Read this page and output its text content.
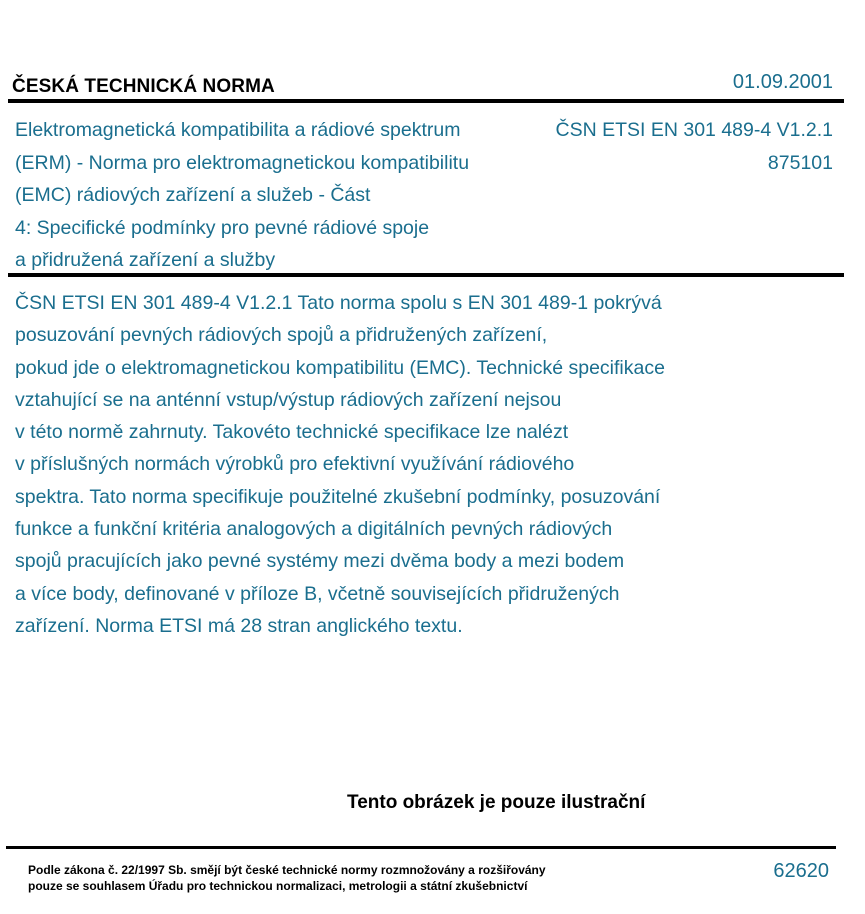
ČESKÁ TECHNICKÁ NORMA	01.09.2001
Elektromagnetická kompatibilita a rádiové spektrum
(ERM) - Norma pro elektromagnetickou kompatibilitu
(EMC) rádiových zařízení a služeb - Část
4: Specifické podmínky pro pevné rádiové spoje
a přidružená zařízení a služby
ČSN ETSI EN 301 489-4 V1.2.1
875101
ČSN ETSI EN 301 489-4 V1.2.1 Tato norma spolu s EN 301 489-1 pokrývá
posuzování pevných rádiových spojů a přidružených zařízení,
pokud jde o elektromagnetickou kompatibilitu (EMC). Technické specifikace
vztahující se na anténní vstup/výstup rádiových zařízení nejsou
v této normě zahrnuty. Takovéto technické specifikace lze nalézt
v příslušných normách výrobků pro efektivní využívání rádiového
spektra. Tato norma specifikuje použitelné zkušební podmínky, posuzování
funkce a funkční kritéria analogových a digitálních pevných rádiových
spojů pracujících jako pevné systémy mezi dvěma body a mezi bodem
a více body, definované v příloze B, včetně souvisejících přidružených
zařízení. Norma ETSI má 28 stran anglického textu.
Tento obrázek je pouze ilustrační
Podle zákona č. 22/1997 Sb. smějí být české technické normy rozmnožovány a rozšiřovány
pouze se souhlasem Úřadu pro technickou normalizaci, metrologii a státní zkušebnictví
62620
